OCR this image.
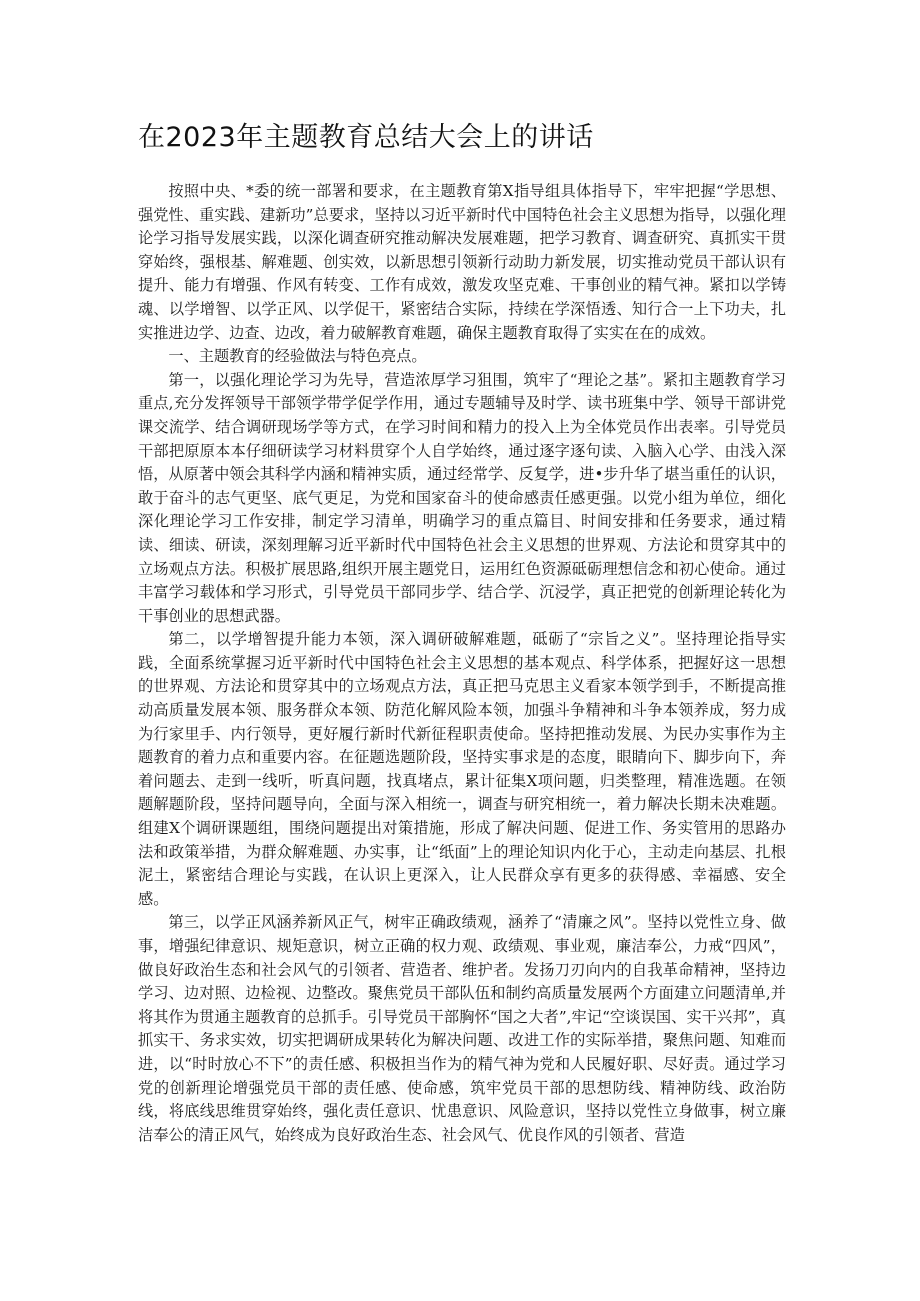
在2023年主题教育总结大会上的讲话

按照中央、*委的统一部署和要求，在主题教育第X指导组具体指导下，牢牢把握“学思想、强党性、重实践、建新功”总要求，坚持以习近平新时代中国特色社会主义思想为指导，以强化理论学习指导发展实践，以深化调查研究推动解决发展难题，把学习教育、调查研究、真抓实干贯穿始终，强根基、解难题、创实效，以新思想引领新行动助力新发展，切实推动党员干部认识有提升、能力有增强、作风有转变、工作有成效，激发攻坚克难、干事创业的精气神。紧扣以学铸魂、以学增智、以学正风、以学促干，紧密结合实际，持续在学深悟透、知行合一上下功夫，扎实推进边学、边查、边改，着力破解教育难题，确保主题教育取得了实实在在的成效。

一、主题教育的经验做法与特色亮点。

第一，以强化理论学习为先导，营造浓厚学习狙围，筑牢了“理论之基”。紧扣主题教育学习重点,充分发挥领导干部领学带学促学作用，通过专题辅导及时学、读书班集中学、领导干部讲党课交流学、结合调研现场学等方式，在学习时间和精力的投入上为全体党员作出表率。引导党员干部把原原本本仔细研读学习材料贯穿个人自学始终，通过逐字逐句读、入脑入心学、由浅入深悟，从原著中领会其科学内涵和精神实质，通过经常学、反复学，进•步升华了堪当重任的认识，敢于奋斗的志气更坚、底气更足，为党和国家奋斗的使命感责任感更强。以党小组为单位，细化深化理论学习工作安排，制定学习清单，明确学习的重点篇目、时间安排和任务要求，通过精读、细读、研读，深刻理解习近平新时代中国特色社会主义思想的世界观、方法论和贯穿其中的立场观点方法。积极扩展思路,组织开展主题党日，运用红色资源砥砺理想信念和初心使命。通过丰富学习载体和学习形式，引导党员干部同步学、结合学、沉浸学，真正把党的创新理论转化为干事创业的思想武器。

第二，以学增智提升能力本领，深入调研破解难题，砥砺了“宗旨之义”。坚持理论指导实践，全面系统掌握习近平新时代中国特色社会主义思想的基本观点、科学体系，把握好这一思想的世界观、方法论和贯穿其中的立场观点方法，真正把马克思主义看家本领学到手，不断提高推动高质量发展本领、服务群众本领、防范化解风险本领，加强斗争精神和斗争本领养成，努力成为行家里手、内行领导，更好履行新时代新征程职责使命。坚持把推动发展、为民办实事作为主题教育的着力点和重要内容。在征题选题阶段，坚持实事求是的态度，眼睛向下、脚步向下，奔着问题去、走到一线听，听真问题，找真堵点，累计征集X项问题，归类整理，精准选题。在领题解题阶段，坚持问题导向，全面与深入相统一，调查与研究相统一，着力解决长期未决难题。组建X个调研课题组，围绕问题提出对策措施，形成了解决问题、促进工作、务实管用的思路办法和政策举措，为群众解难题、办实事，让“纸面”上的理论知识内化于心，主动走向基层、扎根泥土，紧密结合理论与实践，在认识上更深入，让人民群众享有更多的获得感、幸福感、安全感。

第三，以学正风涵养新风正气，树牢正确政绩观，涵养了“清廉之风”。坚持以党性立身、做事，增强纪律意识、规矩意识，树立正确的权力观、政绩观、事业观，廉洁奉公，力戒“四风”，做良好政治生态和社会风气的引领者、营造者、维护者。发扬刀刃向内的自我革命精神，坚持边学习、边对照、边检视、边整改。聚焦党员干部队伍和制约高质量发展两个方面建立问题清单,并将其作为贯通主题教育的总抓手。引导党员干部胸怀“国之大者”,牢记“空谈误国、实干兴邦”，真抓实干、务求实效，切实把调研成果转化为解决问题、改进工作的实际举措，聚焦问题、知难而进，以“时时放心不下”的责任感、积极担当作为的精气神为党和人民履好职、尽好责。通过学习党的创新理论增强党员干部的责任感、使命感，筑牢党员干部的思想防线、精神防线、政治防线，将底线思维贯穿始终，强化责任意识、忧患意识、风险意识，坚持以党性立身做事，树立廉洁奉公的清正风气，始终成为良好政治生态、社会风气、优良作风的引领者、营造
